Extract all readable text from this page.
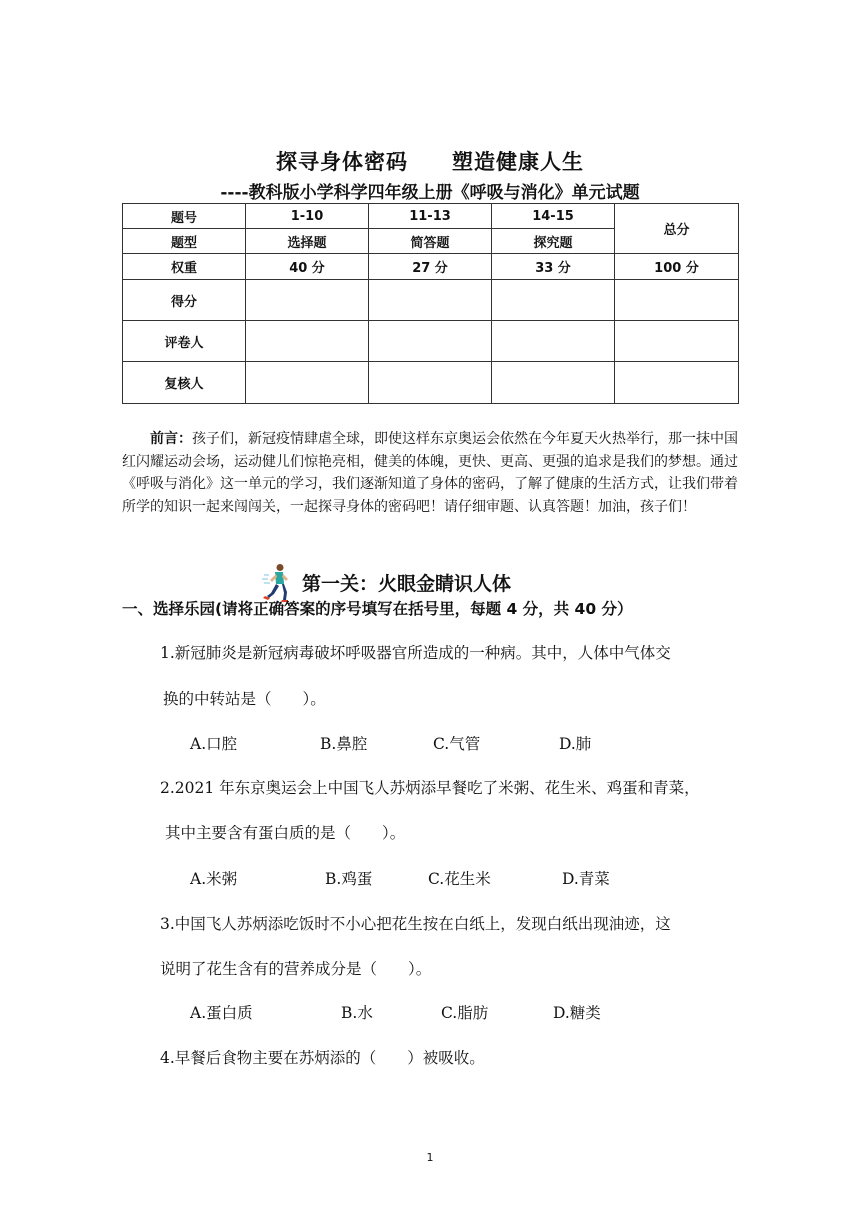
探寻身体密码 塑造健康人生
----教科版小学科学四年级上册《呼吸与消化》单元试题
题号	1-10	11-13	14-15	总分
题型	选择题	简答题	探究题	
权重	40 分	27 分	33 分	100 分
得分				
评卷人				
复核人				

前言：孩子们，新冠疫情肆虐全球，即使这样东京奥运会依然在今年夏天火热举行，那一抹中国红闪耀运动会场，运动健儿们惊艳亮相，健美的体魄，更快、更高、更强的追求是我们的梦想。通过《呼吸与消化》这一单元的学习，我们逐渐知道了身体的密码，了解了健康的生活方式，让我们带着所学的知识一起来闯闯关，一起探寻身体的密码吧！请仔细审题、认真答题！加油，孩子们！

第一关：火眼金睛识人体
一、选择乐园(请将正确答案的序号填写在括号里，每题 4 分，共 40 分）
1.新冠肺炎是新冠病毒破坏呼吸器官所造成的一种病。其中，人体中气体交
换的中转站是（　　）。
A.口腔	B.鼻腔	C.气管	D.肺
2.2021 年东京奥运会上中国飞人苏炳添早餐吃了米粥、花生米、鸡蛋和青菜，
其中主要含有蛋白质的是（　　）。
A.米粥	B.鸡蛋	C.花生米	D.青菜
3.中国飞人苏炳添吃饭时不小心把花生按在白纸上，发现白纸出现油迹，这
说明了花生含有的营养成分是（　　）。
A.蛋白质	B.水	C.脂肪	D.糖类
4.早餐后食物主要在苏炳添的（　　）被吸收。
1
